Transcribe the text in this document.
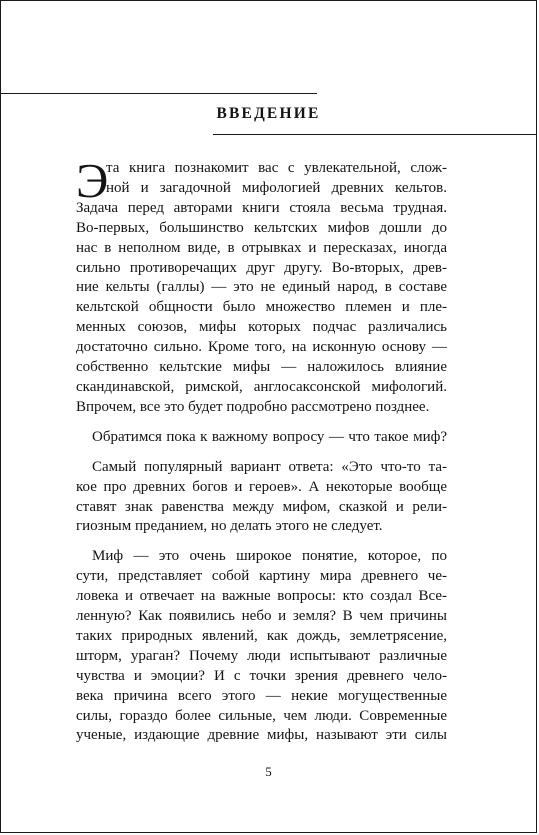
ВВЕДЕНИЕ

Э
та книга познакомит вас с увлекательной, слож-
ной и загадочной мифологией древних кельтов.
Задача перед авторами книги стояла весьма трудная.
Во-первых, большинство кельтских мифов дошли до
нас в неполном виде, в отрывках и пересказах, иногда
сильно противоречащих друг другу. Во-вторых, древ-
ние кельты (галлы) — это не единый народ, в составе
кельтской общности было множество племен и пле-
менных союзов, мифы которых подчас различались
достаточно сильно. Кроме того, на исконную основу —
собственно кельтские мифы — наложилось влияние
скандинавской, римской, англосаксонской мифологий.
Впрочем, все это будет подробно рассмотрено позднее.

Обратимся пока к важному вопросу — что такое миф?

Самый популярный вариант ответа: «Это что-то та-
кое про древних богов и героев». А некоторые вообще
ставят знак равенства между мифом, сказкой и рели-
гиозным преданием, но делать этого не следует.

Миф — это очень широкое понятие, которое, по
сути, представляет собой картину мира древнего че-
ловека и отвечает на важные вопросы: кто создал Все-
ленную? Как появились небо и земля? В чем причины
таких природных явлений, как дождь, землетрясение,
шторм, ураган? Почему люди испытывают различные
чувства и эмоции? И с точки зрения древнего чело-
века причина всего этого — некие могущественные
силы, гораздо более сильные, чем люди. Современные
ученые, издающие древние мифы, называют эти силы

5
